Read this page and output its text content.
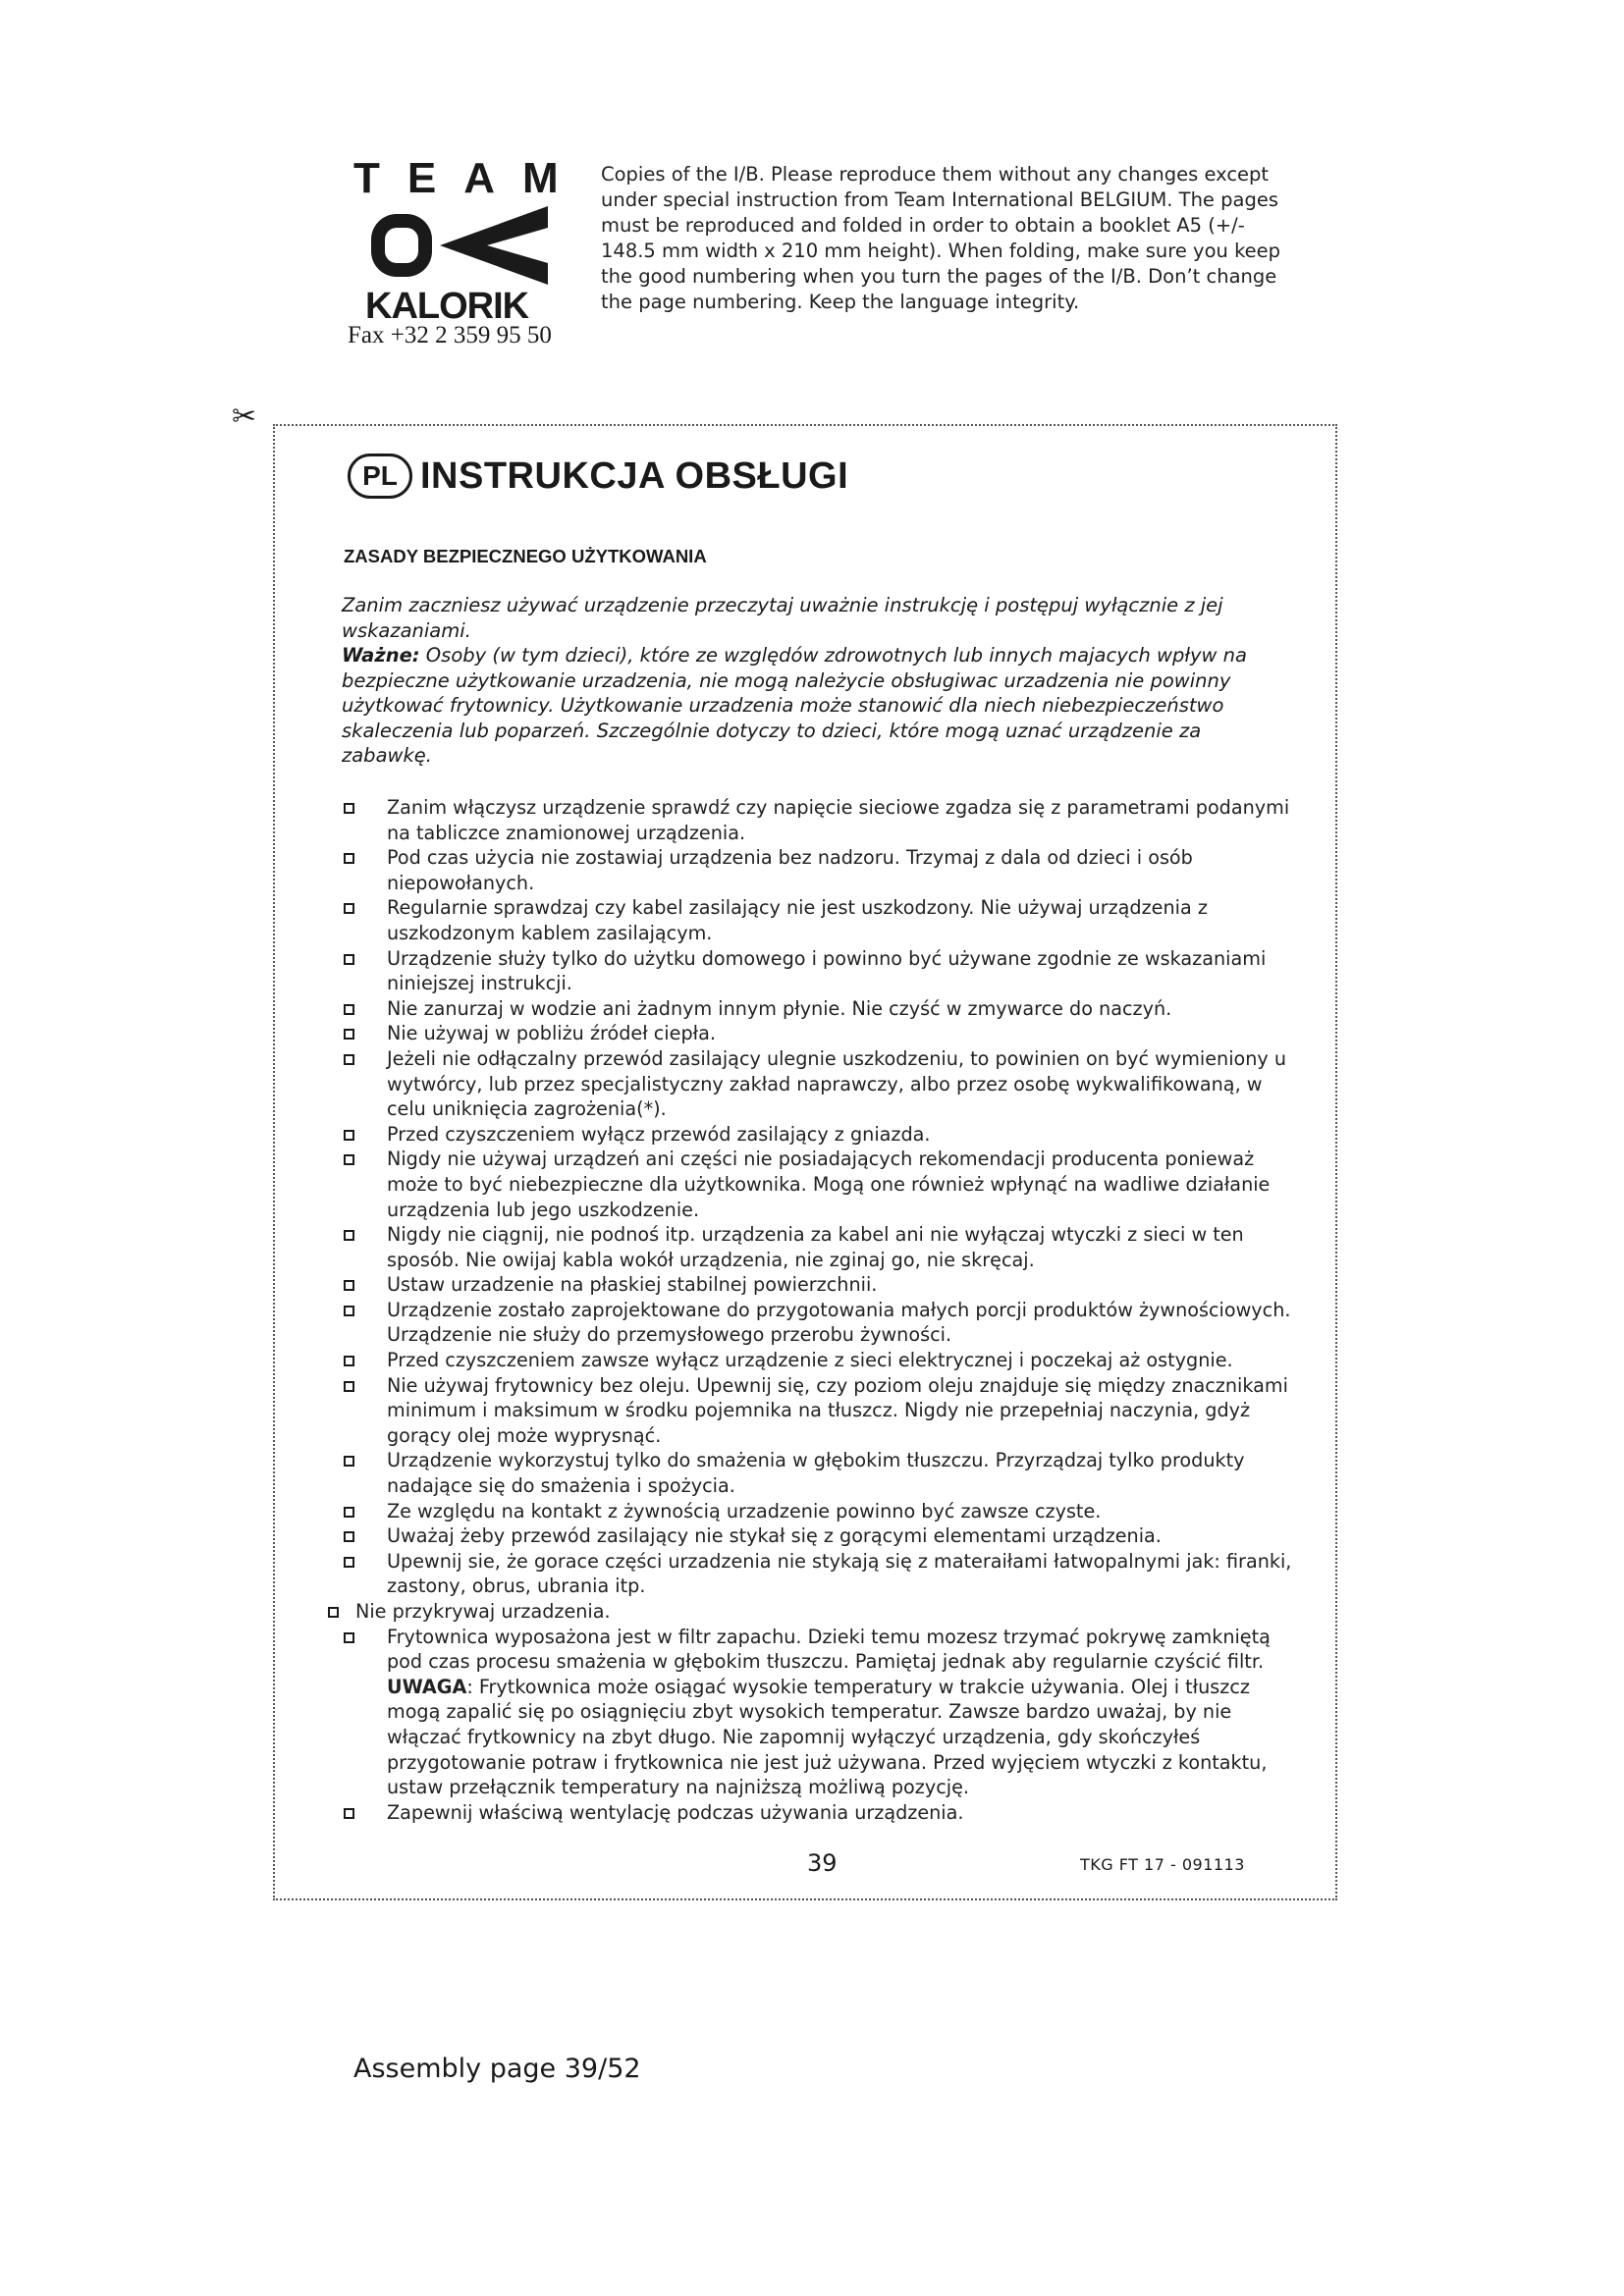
TEAM
KALORIK
Fax +32 2 359 95 50
Copies of the I/B. Please reproduce them without any changes except under special instruction from Team International BELGIUM. The pages must be reproduced and folded in order to obtain a booklet A5 (+/- 148.5 mm width x 210 mm height). When folding, make sure you keep the good numbering when you turn the pages of the I/B. Don’t change the page numbering. Keep the language integrity.
✂
PL INSTRUKCJA OBSŁUGI
ZASADY BEZPIECZNEGO UŻYTKOWANIA

Zanim zaczniesz używać urządzenie przeczytaj uważnie instrukcję i postępuj wyłącznie z jej wskazaniami.
Ważne: Osoby (w tym dzieci), które ze względów zdrowotnych lub innych majacych wpływ na bezpieczne użytkowanie urzadzenia, nie mogą należycie obsługiwac urzadzenia nie powinny użytkować frytownicy. Użytkowanie urzadzenia może stanowić dla niech niebezpieczeństwo skaleczenia lub poparzeń. Szczególnie dotyczy to dzieci, które mogą uznać urządzenie za zabawkę.

Zanim włączysz urządzenie sprawdź czy napięcie sieciowe zgadza się z parametrami podanymi na tabliczce znamionowej urządzenia.
Pod czas użycia nie zostawiaj urządzenia bez nadzoru. Trzymaj z dala od dzieci i osób niepowołanych.
Regularnie sprawdzaj czy kabel zasilający nie jest uszkodzony. Nie używaj urządzenia z uszkodzonym kablem zasilającym.
Urządzenie służy tylko do użytku domowego i powinno być używane zgodnie ze wskazaniami niniejszej instrukcji.
Nie zanurzaj w wodzie ani żadnym innym płynie. Nie czyść w zmywarce do naczyń.
Nie używaj w pobliżu źródeł ciepła.
Jeżeli nie odłączalny przewód zasilający ulegnie uszkodzeniu, to powinien on być wymieniony u wytwórcy, lub przez specjalistyczny zakład naprawczy, albo przez osobę wykwalifikowaną, w celu uniknięcia zagrożenia(*).
Przed czyszczeniem wyłącz przewód zasilający z gniazda.
Nigdy nie używaj urządzeń ani części nie posiadających rekomendacji producenta ponieważ może to być niebezpieczne dla użytkownika. Mogą one również wpłynąć na wadliwe działanie urządzenia lub jego uszkodzenie.
Nigdy nie ciągnij, nie podnoś itp. urządzenia za kabel ani nie wyłączaj wtyczki z sieci w ten sposób. Nie owijaj kabla wokół urządzenia, nie zginaj go, nie skręcaj.
Ustaw urzadzenie na płaskiej stabilnej powierzchnii.
Urządzenie zostało zaprojektowane do przygotowania małych porcji produktów żywnościowych. Urządzenie nie służy do przemysłowego przerobu żywności.
Przed czyszczeniem zawsze wyłącz urządzenie z sieci elektrycznej i poczekaj aż ostygnie.
Nie używaj frytownicy bez oleju. Upewnij się, czy poziom oleju znajduje się między znacznikami minimum i maksimum w środku pojemnika na tłuszcz. Nigdy nie przepełniaj naczynia, gdyż gorący olej może wyprysnąć.
Urządzenie wykorzystuj tylko do smażenia w głębokim tłuszczu. Przyrządzaj tylko produkty nadające się do smażenia i spożycia.
Ze względu na kontakt z żywnością urzadzenie powinno być zawsze czyste.
Uważaj żeby przewód zasilający nie stykał się z gorącymi elementami urządzenia.
Upewnij sie, że gorace części urzadzenia nie stykają się z materaiłami łatwopalnymi jak: firanki, zastony, obrus, ubrania itp.
Nie przykrywaj urzadzenia.
Frytownica wyposażona jest w filtr zapachu. Dzieki temu mozesz trzymać pokrywę zamkniętą pod czas procesu smażenia w głębokim tłuszczu. Pamiętaj jednak aby regularnie czyścić filtr. UWAGA: Frytkownica może osiągać wysokie temperatury w trakcie używania. Olej i tłuszcz mogą zapalić się po osiągnięciu zbyt wysokich temperatur. Zawsze bardzo uważaj, by nie włączać frytkownicy na zbyt długo. Nie zapomnij wyłączyć urządzenia, gdy skończyłeś przygotowanie potraw i frytkownica nie jest już używana. Przed wyjęciem wtyczki z kontaktu, ustaw przełącznik temperatury na najniższą możliwą pozycję.
Zapewnij właściwą wentylację podczas używania urządzenia.
39	TKG FT 17 - 091113
Assembly page 39/52
